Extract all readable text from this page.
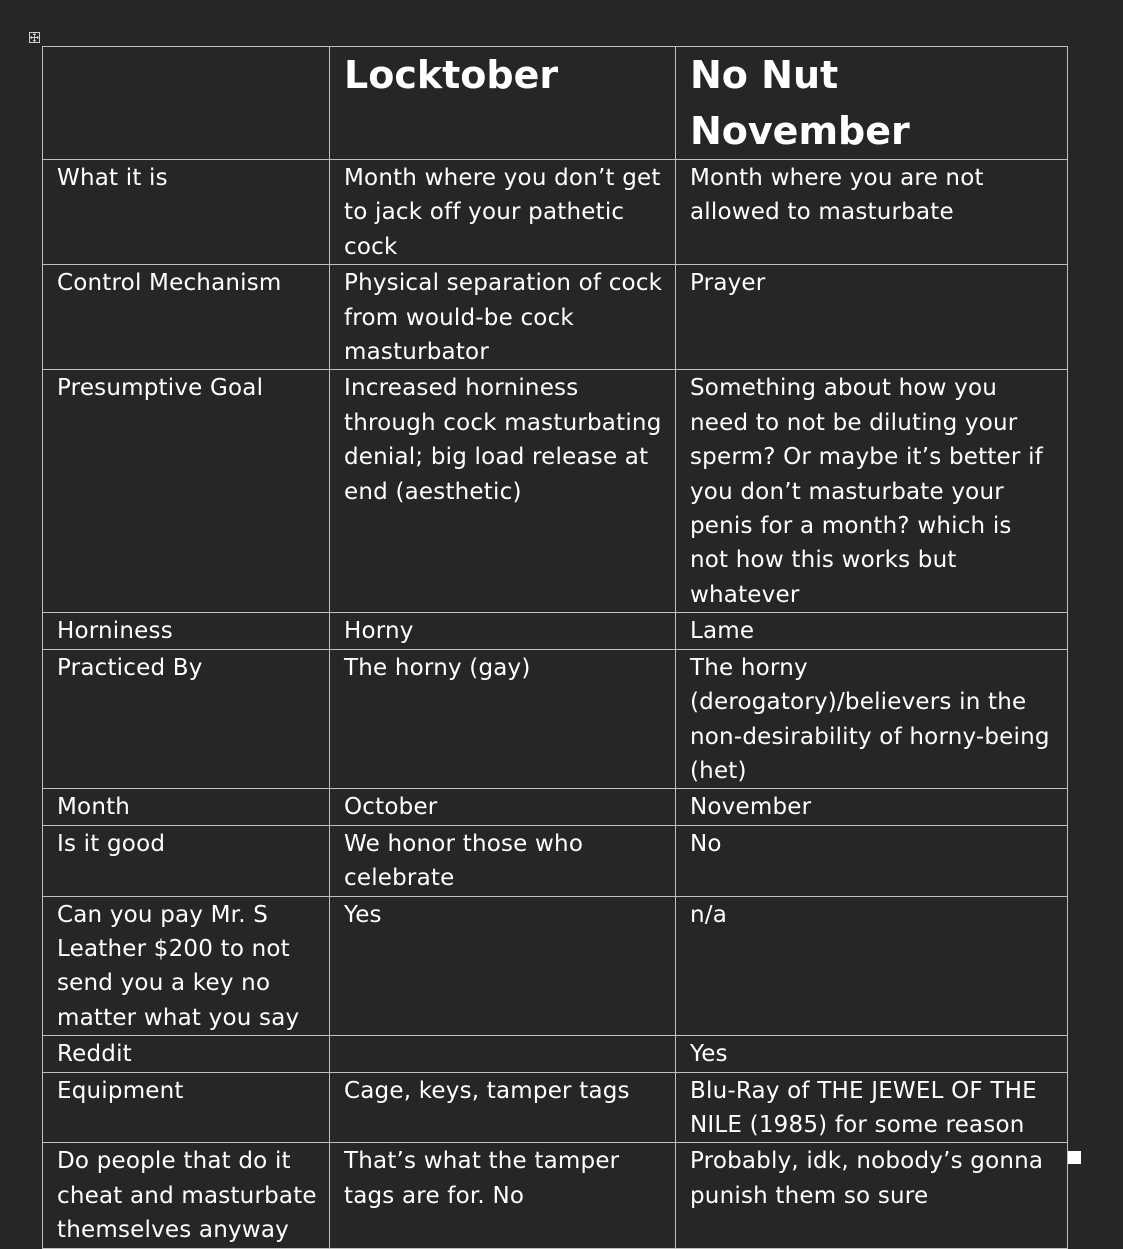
	Locktober	No Nut November
What it is	Month where you don’t get to jack off your pathetic cock	Month where you are not allowed to masturbate
Control Mechanism	Physical separation of cock from would-be cock masturbator	Prayer
Presumptive Goal	Increased horniness through cock masturbating denial; big load release at end (aesthetic)	Something about how you need to not be diluting your sperm? Or maybe it’s better if you don’t masturbate your penis for a month? which is not how this works but whatever
Horniness	Horny	Lame
Practiced By	The horny (gay)	The horny (derogatory)/believers in the non-desirability of horny-being (het)
Month	October	November
Is it good	We honor those who celebrate	No
Can you pay Mr. S Leather $200 to not send you a key no matter what you say	Yes	n/a
Reddit		Yes
Equipment	Cage, keys, tamper tags	Blu-Ray of THE JEWEL OF THE NILE (1985) for some reason
Do people that do it cheat and masturbate themselves anyway	That’s what the tamper tags are for. No	Probably, idk, nobody’s gonna punish them so sure
